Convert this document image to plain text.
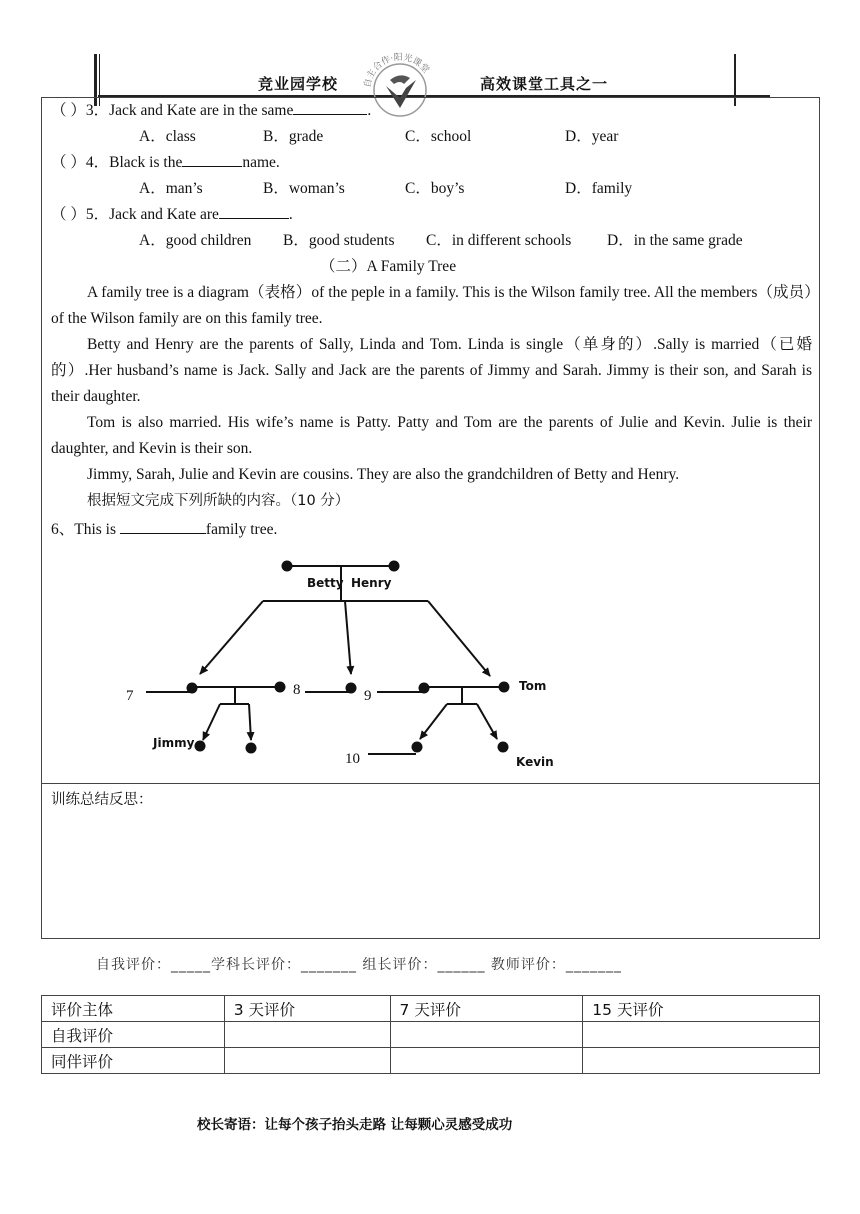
竞业园学校	高效课堂工具之一
自主合作·阳光课堂
（ ）3．Jack and Kate are in the same	.
A．class	B．grade	C．school	D．year
（ ）4．Black is the	name.
A．man’s	B．woman’s	C．boy’s	D．family
（ ）5．Jack and Kate are	.
A．good children B．good students C．in different schools D．in the same grade
（二）A Family Tree

A family tree is a diagram（表格）of the peple in a family. This is the Wilson family tree. All the members（成员）of the Wilson family are on this family tree.

Betty and Henry are the parents of Sally, Linda and Tom. Linda is single（单身的）.Sally is married（已婚的）.Her husband’s name is Jack. Sally and Jack are the parents of Jimmy and Sarah. Jimmy is their son, and Sarah is their daughter.

Tom is also married. His wife’s name is Patty. Patty and Tom are the parents of Julie and Kevin. Julie is their daughter, and Kevin is their son.

Jimmy, Sarah, Julie and Kevin are cousins. They are also the grandchildren of Betty and Henry.

根据短文完成下列所缺的内容。（10 分）

6、This is	family tree.
Betty Henry
Tom
Jimmy
Kevin
7	8	9
10
训练总结反思：
自我评价：_____学科长评价：_______ 组长评价：______ 教师评价：_______
评价主体	3 天评价	7 天评价	15 天评价
自我评价			
同伴评价			
校长寄语：让每个孩子抬头走路 让每颗心灵感受成功
